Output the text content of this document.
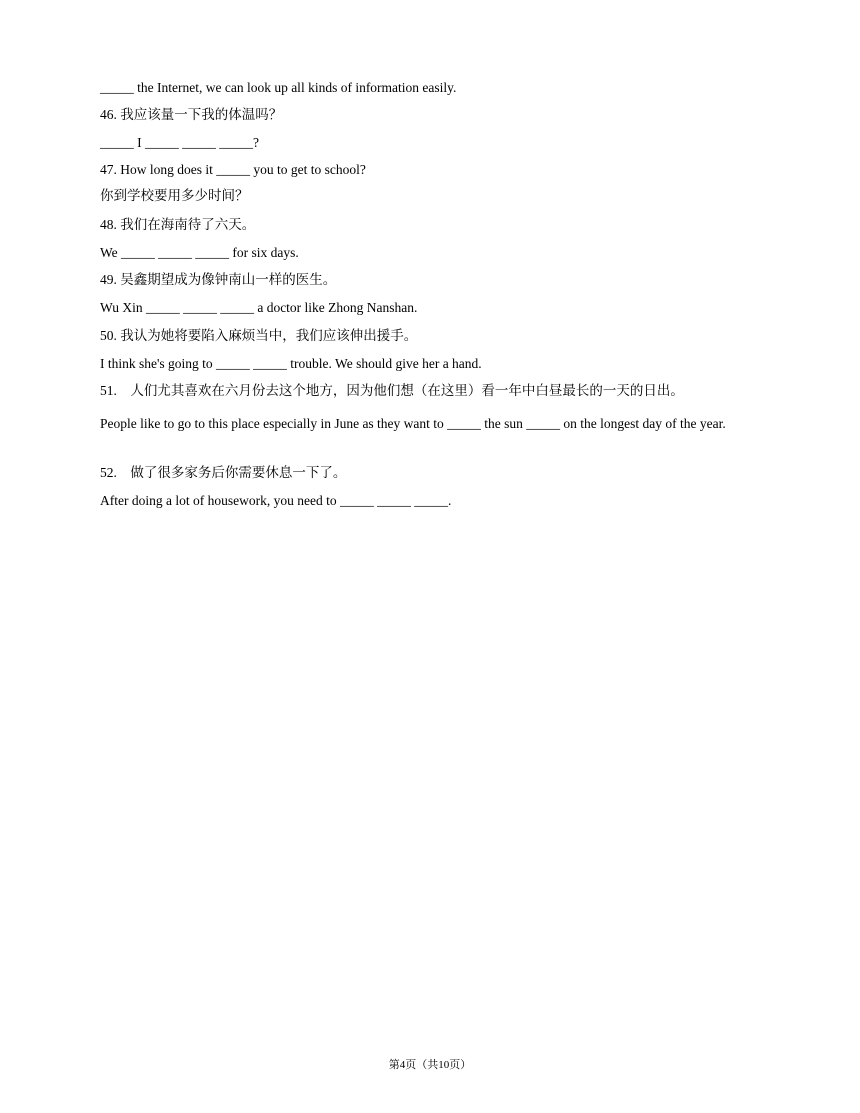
_____ the Internet, we can look up all kinds of information easily.
46. 我应该量一下我的体温吗？
_____ I _____ _____ _____?
47. How long does it _____ you to get to school?
你到学校要用多少时间？
48. 我们在海南待了六天。
We _____ _____ _____ for six days.
49. 吴鑫期望成为像钟南山一样的医生。
Wu Xin _____ _____ _____ a doctor like Zhong Nanshan.
50. 我认为她将要陷入麻烦当中，我们应该伸出援手。
I think she's going to _____ _____ trouble. We should give her a hand.
51.    人们尤其喜欢在六月份去这个地方，因为他们想（在这里）看一年中白昼最长的一天的日出。
People like to go to this place especially in June as they want to _____ the sun _____ on the longest day of the year.
52.    做了很多家务后你需要休息一下了。
After doing a lot of housework, you need to _____ _____ _____.
第4页（共10页）
